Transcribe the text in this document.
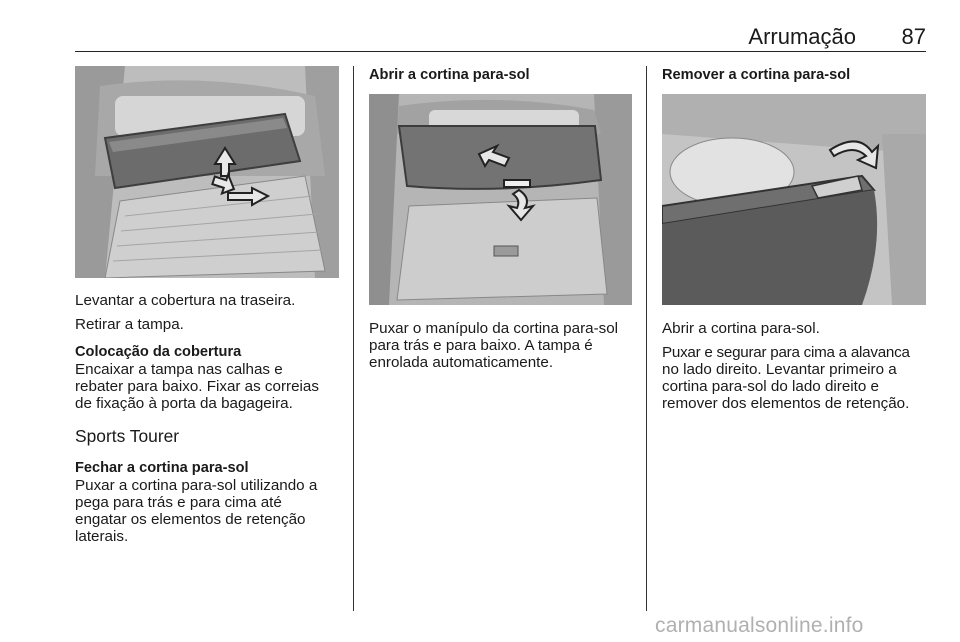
Arrumação 87

Levantar a cobertura na traseira.

Retirar a tampa.

Colocação da cobertura

Encaixar a tampa nas calhas e

rebater para baixo. Fixar as correias

de fixação à porta da bagageira.

Sports Tourer
Fechar a cortina para-sol

Puxar a cortina para-sol utilizando a

pega para trás e para cima até

engatar os elementos de retenção

laterais.

Abrir a cortina para-sol

Puxar o manípulo da cortina para-sol

para trás e para baixo. A tampa é

enrolada automaticamente.

Remover a cortina para-sol

Abrir a cortina para-sol.

Puxar e segurar para cima a alavanca

no lado direito. Levantar primeiro a

cortina para-sol do lado direito e

remover dos elementos de retenção.

carmanualsonline.info
